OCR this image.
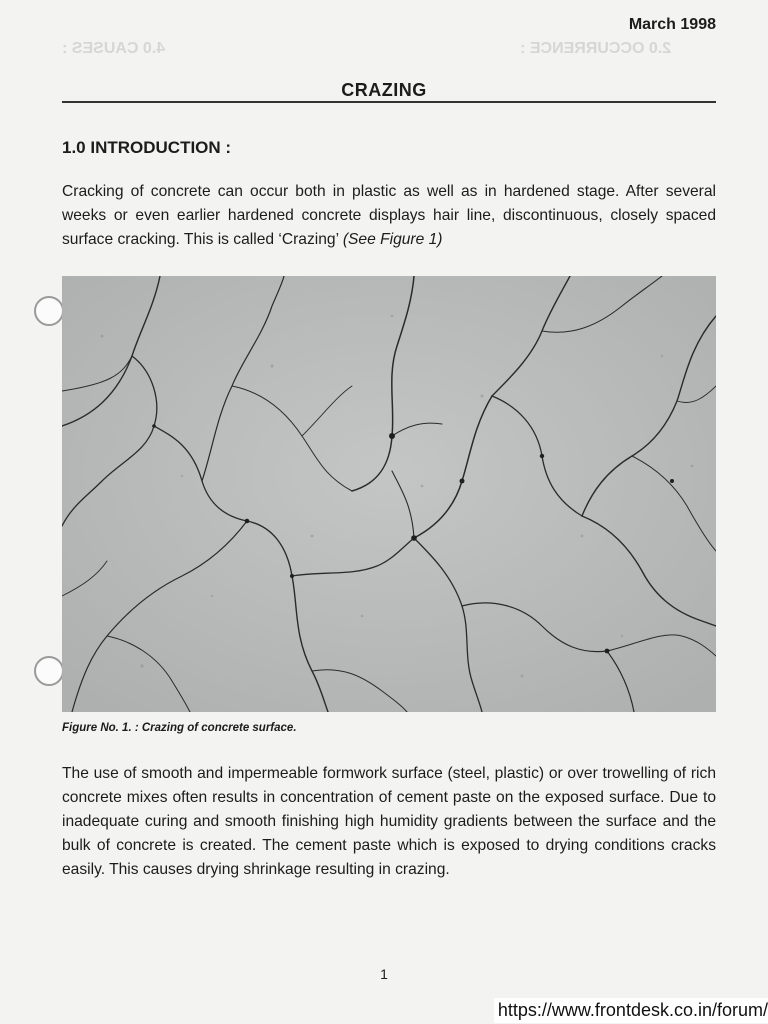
4.0 CAUSES :	2.0 OCCURRENCE :
March 1998
CRAZING
1.0 INTRODUCTION :
Cracking of concrete can occur both in plastic as well as in hardened stage. After several weeks or even earlier hardened concrete displays hair line, discontinuous, closely spaced surface cracking. This is called ‘Crazing’ (See Figure 1)
Figure No. 1. : Crazing of concrete surface.
The use of smooth and impermeable formwork surface (steel, plastic) or over trowelling of rich concrete mixes often results in concentration of cement paste on the exposed surface. Due to inadequate curing and smooth finishing high humidity gradients between the surface and the bulk of concrete is created. The cement paste which is exposed to drying conditions cracks easily. This causes drying shrinkage resulting in crazing.
1
https://www.frontdesk.co.in/forum/
